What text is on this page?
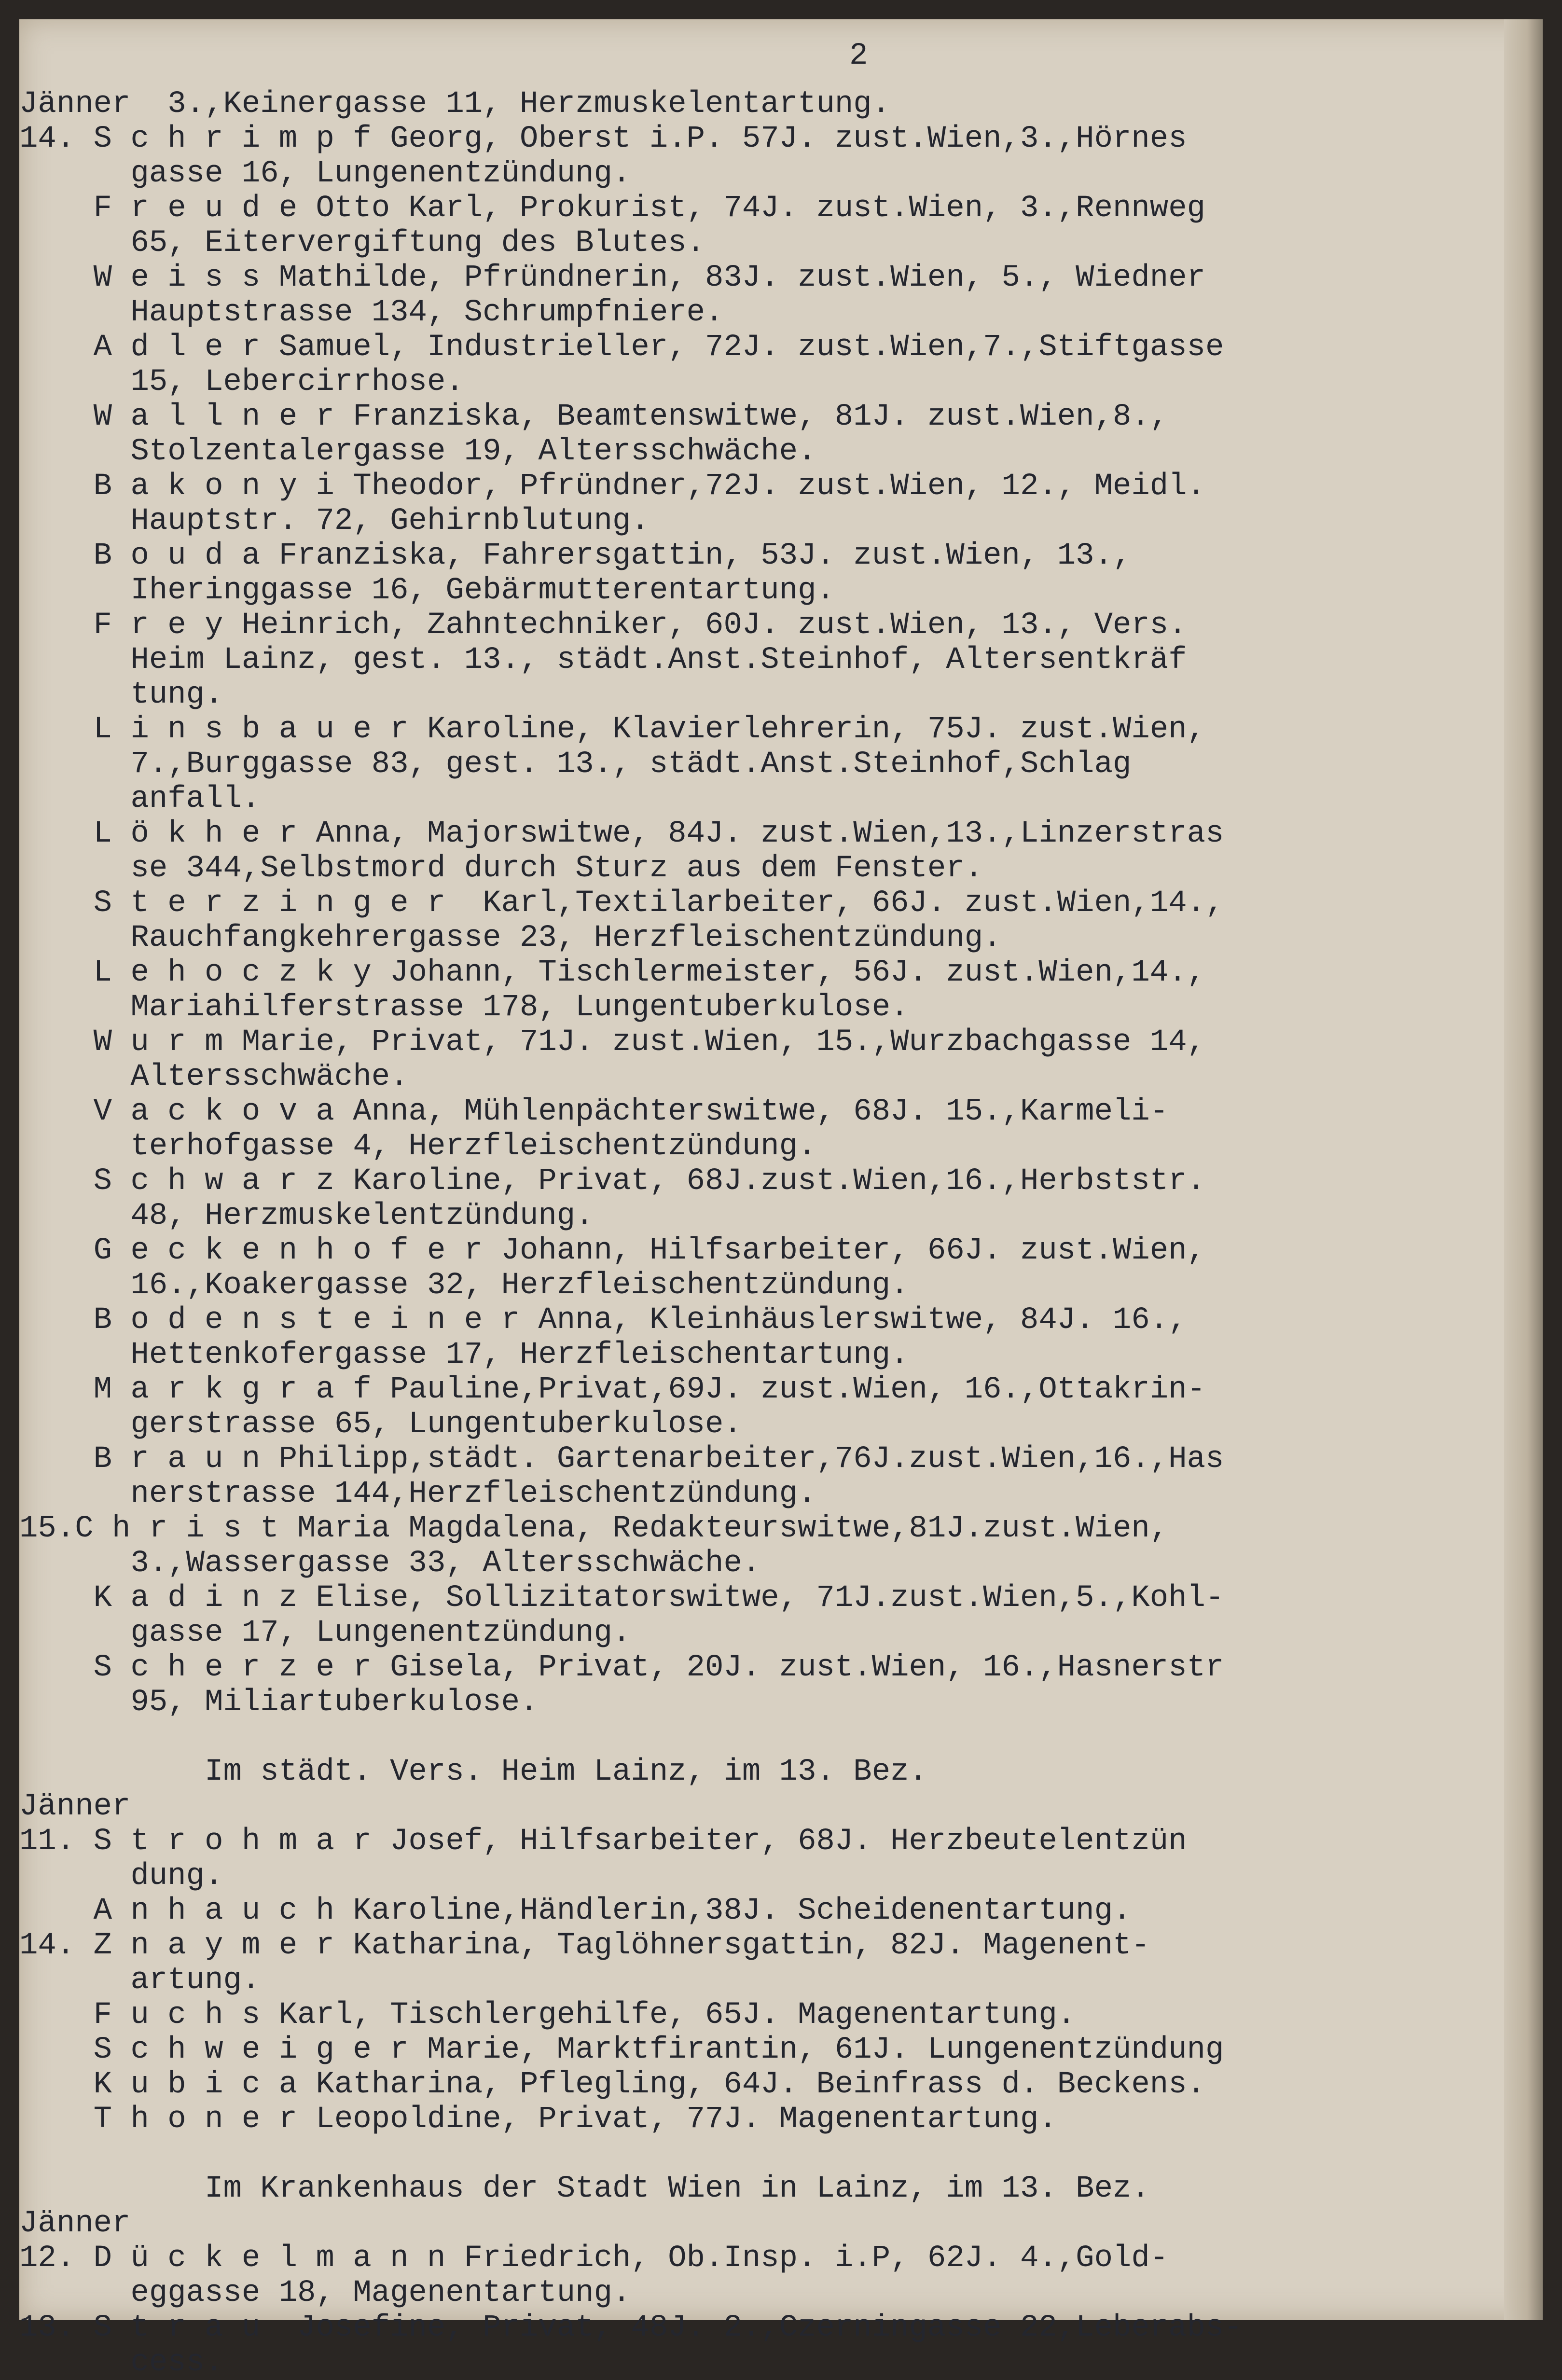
2
Jänner  3.,Keinergasse 11, Herzmuskelentartung.
14. S c h r i m p f Georg, Oberst i.P. 57J. zust.Wien,3.,Hörnes
gasse 16, Lungenentzündung.
F r e u d e Otto Karl, Prokurist, 74J. zust.Wien, 3.,Rennweg
65, Eitervergiftung des Blutes.
W e i s s Mathilde, Pfründnerin, 83J. zust.Wien, 5., Wiedner
Hauptstrasse 134, Schrumpfniere.
A d l e r Samuel, Industrieller, 72J. zust.Wien,7.,Stiftgasse
15, Lebercirrhose.
W a l l n e r Franziska, Beamtenswitwe, 81J. zust.Wien,8.,
Stolzentalergasse 19, Altersschwäche.
B a k o n y i Theodor, Pfründner,72J. zust.Wien, 12., Meidl.
Hauptstr. 72, Gehirnblutung.
B o u d a Franziska, Fahrersgattin, 53J. zust.Wien, 13.,
Iheringgasse 16, Gebärmutterentartung.
F r e y Heinrich, Zahntechniker, 60J. zust.Wien, 13., Vers.
Heim Lainz, gest. 13., städt.Anst.Steinhof, Altersentkräf
tung.
L i n s b a u e r Karoline, Klavierlehrerin, 75J. zust.Wien,
7.,Burggasse 83, gest. 13., städt.Anst.Steinhof,Schlag
anfall.
L ö k h e r Anna, Majorswitwe, 84J. zust.Wien,13.,Linzerstras
se 344,Selbstmord durch Sturz aus dem Fenster.
S t e r z i n g e r  Karl,Textilarbeiter, 66J. zust.Wien,14.,
Rauchfangkehrergasse 23, Herzfleischentzündung.
L e h o c z k y Johann, Tischlermeister, 56J. zust.Wien,14.,
Mariahilferstrasse 178, Lungentuberkulose.
W u r m Marie, Privat, 71J. zust.Wien, 15.,Wurzbachgasse 14,
Altersschwäche.
V a c k o v a Anna, Mühlenpächterswitwe, 68J. 15.,Karmeli-
terhofgasse 4, Herzfleischentzündung.
S c h w a r z Karoline, Privat, 68J.zust.Wien,16.,Herbststr.
48, Herzmuskelentzündung.
G e c k e n h o f e r Johann, Hilfsarbeiter, 66J. zust.Wien,
16.,Koakergasse 32, Herzfleischentzündung.
B o d e n s t e i n e r Anna, Kleinhäuslerswitwe, 84J. 16.,
Hettenkofergasse 17, Herzfleischentartung.
M a r k g r a f Pauline,Privat,69J. zust.Wien, 16.,Ottakrin-
gerstrasse 65, Lungentuberkulose.
B r a u n Philipp,städt. Gartenarbeiter,76J.zust.Wien,16.,Has
nerstrasse 144,Herzfleischentzündung.
15.C h r i s t Maria Magdalena, Redakteurswitwe,81J.zust.Wien,
3.,Wassergasse 33, Altersschwäche.
K a d i n z Elise, Sollizitatorswitwe, 71J.zust.Wien,5.,Kohl-
gasse 17, Lungenentzündung.
S c h e r z e r Gisela, Privat, 20J. zust.Wien, 16.,Hasnerstr
95, Miliartuberkulose.
Im städt. Vers. Heim Lainz, im 13. Bez.
Jänner
11. S t r o h m a r Josef, Hilfsarbeiter, 68J. Herzbeutelentzün
dung.
A n h a u c h Karoline,Händlerin,38J. Scheidenentartung.
14. Z n a y m e r Katharina, Taglöhnersgattin, 82J. Magenent-
artung.
F u c h s Karl, Tischlergehilfe, 65J. Magenentartung.
S c h w e i g e r Marie, Marktfirantin, 61J. Lungenentzündung
K u b i c a Katharina, Pflegling, 64J. Beinfrass d. Beckens.
T h o n e r Leopoldine, Privat, 77J. Magenentartung.
Im Krankenhaus der Stadt Wien in Lainz, im 13. Bez.
Jänner
12. D ü c k e l m a n n Friedrich, Ob.Insp. i.P, 62J. 4.,Gold-
eggasse 18, Magenentartung.
13. S t r a u  Josefine, Privat, 48J. 2.,Czerningasse 22,Leberabs-
cess.
